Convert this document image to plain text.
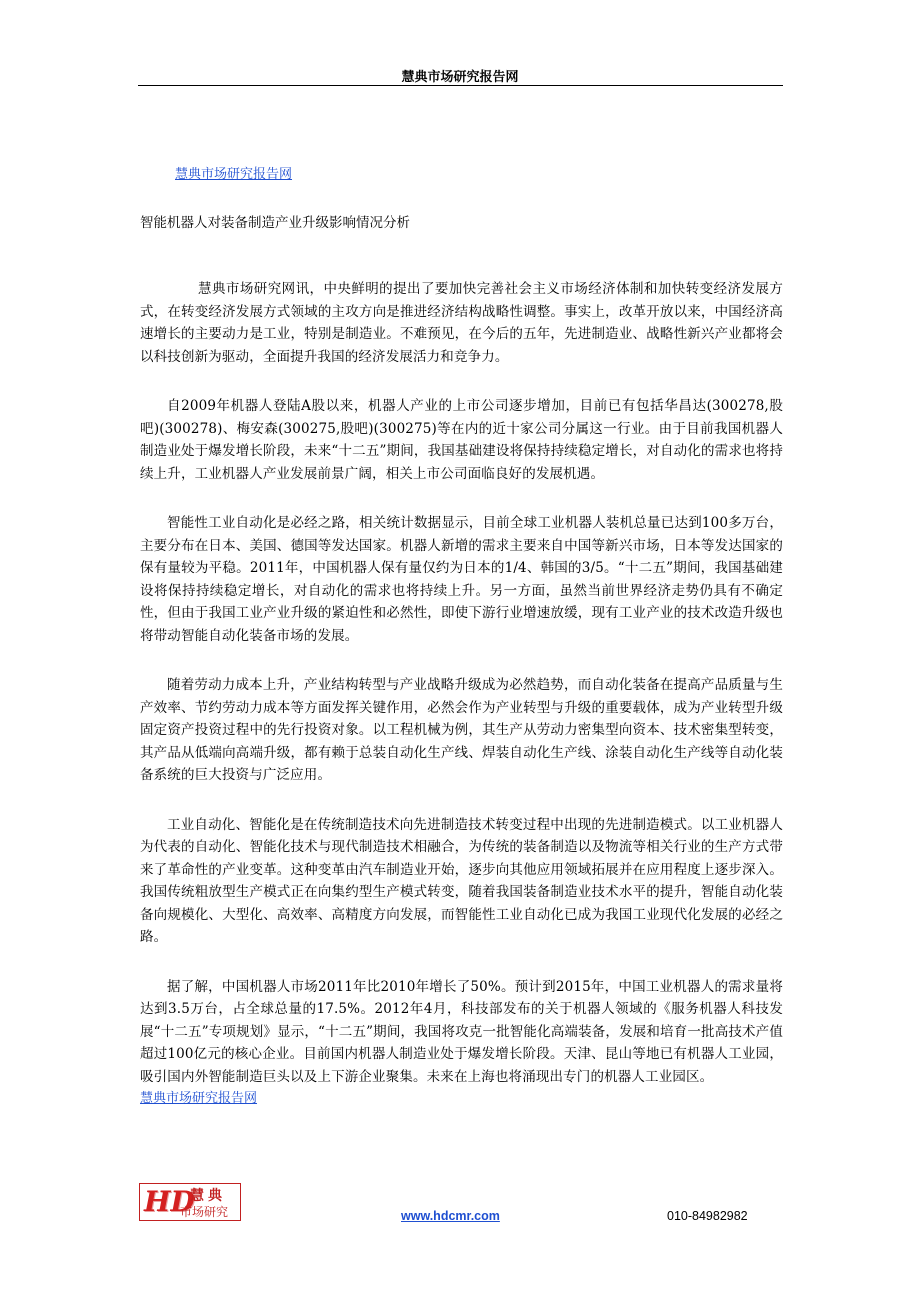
慧典市场研究报告网
慧典市场研究报告网
智能机器人对装备制造产业升级影响情况分析

慧典市场研究网讯，中央鲜明的提出了要加快完善社会主义市场经济体制和加快转变经济发展方式，在转变经济发展方式领域的主攻方向是推进经济结构战略性调整。事实上，改革开放以来，中国经济高速增长的主要动力是工业，特别是制造业。不难预见，在今后的五年，先进制造业、战略性新兴产业都将会以科技创新为驱动，全面提升我国的经济发展活力和竞争力。

自2009年机器人登陆A股以来，机器人产业的上市公司逐步增加，目前已有包括华昌达(300278,股吧)(300278)、梅安森(300275,股吧)(300275)等在内的近十家公司分属这一行业。由于目前我国机器人制造业处于爆发增长阶段，未来“十二五”期间，我国基础建设将保持持续稳定增长，对自动化的需求也将持续上升，工业机器人产业发展前景广阔，相关上市公司面临良好的发展机遇。

智能性工业自动化是必经之路，相关统计数据显示，目前全球工业机器人装机总量已达到100多万台，主要分布在日本、美国、德国等发达国家。机器人新增的需求主要来自中国等新兴市场，日本等发达国家的保有量较为平稳。2011年，中国机器人保有量仅约为日本的1/4、韩国的3/5。“十二五”期间，我国基础建设将保持持续稳定增长，对自动化的需求也将持续上升。另一方面，虽然当前世界经济走势仍具有不确定性，但由于我国工业产业升级的紧迫性和必然性，即使下游行业增速放缓，现有工业产业的技术改造升级也将带动智能自动化装备市场的发展。

随着劳动力成本上升，产业结构转型与产业战略升级成为必然趋势，而自动化装备在提高产品质量与生产效率、节约劳动力成本等方面发挥关键作用，必然会作为产业转型与升级的重要载体，成为产业转型升级固定资产投资过程中的先行投资对象。以工程机械为例，其生产从劳动力密集型向资本、技术密集型转变，其产品从低端向高端升级，都有赖于总装自动化生产线、焊装自动化生产线、涂装自动化生产线等自动化装备系统的巨大投资与广泛应用。

工业自动化、智能化是在传统制造技术向先进制造技术转变过程中出现的先进制造模式。以工业机器人为代表的自动化、智能化技术与现代制造技术相融合，为传统的装备制造以及物流等相关行业的生产方式带来了革命性的产业变革。这种变革由汽车制造业开始，逐步向其他应用领域拓展并在应用程度上逐步深入。我国传统粗放型生产模式正在向集约型生产模式转变，随着我国装备制造业技术水平的提升，智能自动化装备向规模化、大型化、高效率、高精度方向发展，而智能性工业自动化已成为我国工业现代化发展的必经之路。

据了解，中国机器人市场2011年比2010年增长了50%。预计到2015年，中国工业机器人的需求量将达到3.5万台，占全球总量的17.5%。2012年4月，科技部发布的关于机器人领域的《服务机器人科技发展“十二五”专项规划》显示，“十二五”期间，我国将攻克一批智能化高端装备，发展和培育一批高技术产值超过100亿元的核心企业。目前国内机器人制造业处于爆发增长阶段。天津、昆山等地已有机器人工业园，吸引国内外智能制造巨头以及上下游企业聚集。未来在上海也将涌现出专门的机器人工业园区。

慧典市场研究报告网
HD
慧典
市场研究	www.hdcmr.com	010-84982982
